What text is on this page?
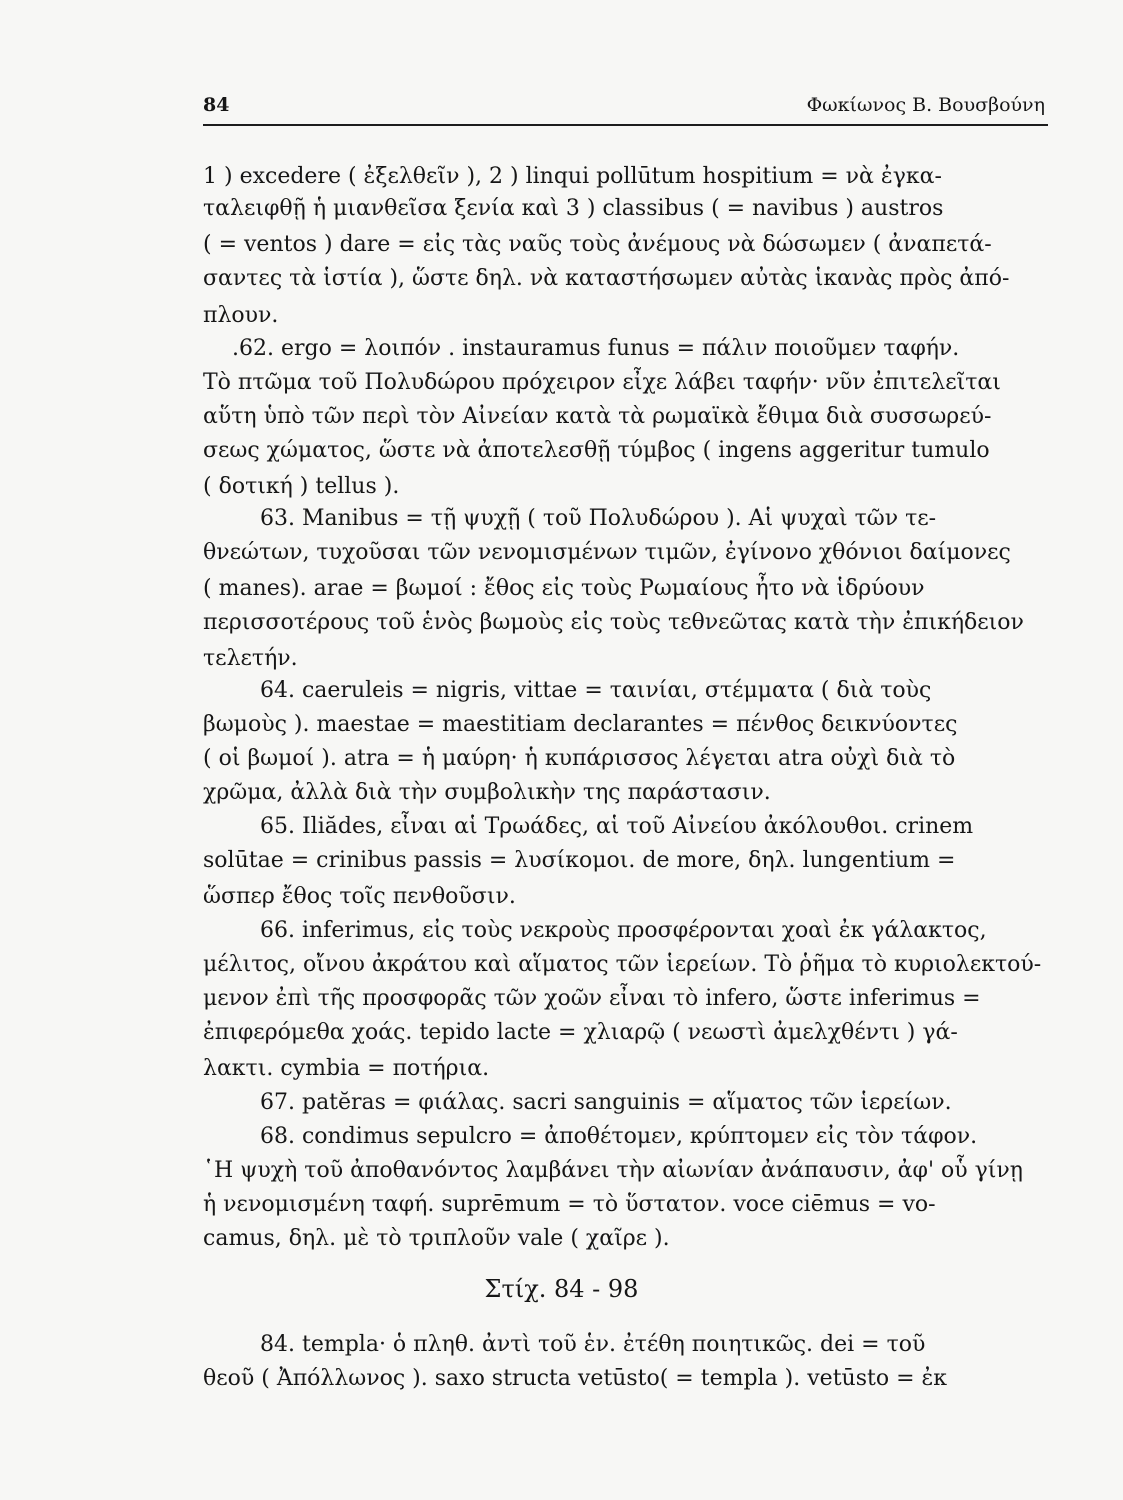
84	Φωκίωνος Β. Βουσβούνη
1 ) excedere ( ἐξελθεῖν ), 2 ) linqui pollūtum hospitium = νὰ ἐγκα-
ταλειφθῇ ἡ μιανθεῖσα ξενία καὶ 3 ) classibus ( = navibus ) austros
( = ventos ) dare = εἰς τὰς ναῦς τοὺς ἀνέμους νὰ δώσωμεν ( ἀναπετά-
σαντες τὰ ἱστία ), ὥστε δηλ. νὰ καταστήσωμεν αὐτὰς ἱκανὰς πρὸς ἀπό-
πλουν.
.62. ergo = λοιπόν . instauramus funus = πάλιν ποιοῦμεν ταφήν.
Τὸ πτῶμα τοῦ Πολυδώρου πρόχειρον εἶχε λάβει ταφήν· νῦν ἐπιτελεῖται
αὕτη ὑπὸ τῶν περὶ τὸν Αἰνείαν κατὰ τὰ ρωμαϊκὰ ἔθιμα διὰ συσσωρεύ-
σεως χώματος, ὥστε νὰ ἀποτελεσθῇ τύμβος ( ingens aggeritur tumulo
( δοτική ) tellus ).
63. Manibus = τῇ ψυχῇ ( τοῦ Πολυδώρου ). Αἱ ψυχαὶ τῶν τε-
θνεώτων, τυχοῦσαι τῶν νενομισμένων τιμῶν, ἐγίνονο χθόνιοι δαίμονες
( manes). arae = βωμοί : ἔθος εἰς τοὺς Ρωμαίους ἦτο νὰ ἱδρύουν
περισσοτέρους τοῦ ἑνὸς βωμοὺς εἰς τοὺς τεθνεῶτας κατὰ τὴν ἐπικήδειον
τελετήν.
64. caeruleis = nigris, vittae = ταινίαι, στέμματα ( διὰ τοὺς
βωμοὺς ). maestae = maestitiam declarantes = πένθος δεικνύοντες
( οἱ βωμοί ). atra = ἡ μαύρη· ἡ κυπάρισσος λέγεται atra οὐχὶ διὰ τὸ
χρῶμα, ἀλλὰ διὰ τὴν συμβολικὴν της παράστασιν.
65. Iliădes, εἶναι αἱ Τρωάδες, αἱ τοῦ Αἰνείου ἀκόλουθοι. crinem
solūtae = crinibus passis = λυσίκομοι. de more, δηλ. lungentium =
ὥσπερ ἔθος τοῖς πενθοῦσιν.
66. inferimus, εἰς τοὺς νεκροὺς προσφέρονται χοαὶ ἐκ γάλακτος,
μέλιτος, οἴνου ἀκράτου καὶ αἵματος τῶν ἱερείων. Τὸ ῥῆμα τὸ κυριολεκτού-
μενον ἐπὶ τῆς προσφορᾶς τῶν χοῶν εἶναι τὸ infero, ὥστε inferimus =
ἐπιφερόμεθα χοάς. tepido lacte = χλιαρῷ ( νεωστὶ ἀμελχθέντι ) γά-
λακτι. cymbia = ποτήρια.
67. patĕras = φιάλας. sacri sanguinis = αἵματος τῶν ἱερείων.
68. condimus sepulcro = ἀποθέτομεν, κρύπτομεν εἰς τὸν τάφον.
῾Η ψυχὴ τοῦ ἀποθανόντος λαμβάνει τὴν αἰωνίαν ἀνάπαυσιν, ἀφ' οὗ γίνῃ
ἡ νενομισμένη ταφή. suprēmum = τὸ ὕστατον. voce ciēmus = vo-
camus, δηλ. μὲ τὸ τριπλοῦν vale ( χαῖρε ).
Στίχ. 84 - 98
84. templa· ὁ πληθ. ἀντὶ τοῦ ἑν. ἐτέθη ποιητικῶς. dei = τοῦ
θεοῦ ( Ἀπόλλωνος ). saxo structa vetūsto( = templa ). vetūsto = ἐκ
